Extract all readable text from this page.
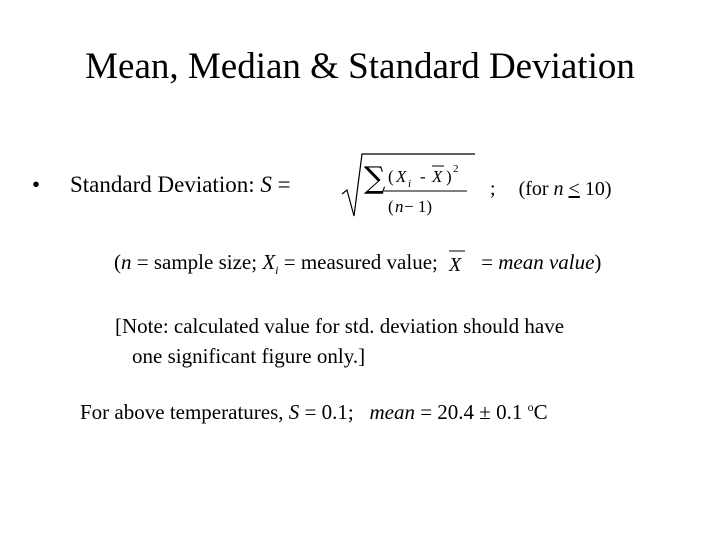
Mean, Median & Standard Deviation
• Standard Deviation: S = ∑ ( X i - X ) 2
( n − 1)
; (for n < 10)
(n = sample size; $X_i$ = measured value; X = mean value)
[Note: calculated value for std. deviation should have
one significant figure only.]
For above temperatures, S = 0.1; mean = 20.4 ± 0.1 $^o$C
